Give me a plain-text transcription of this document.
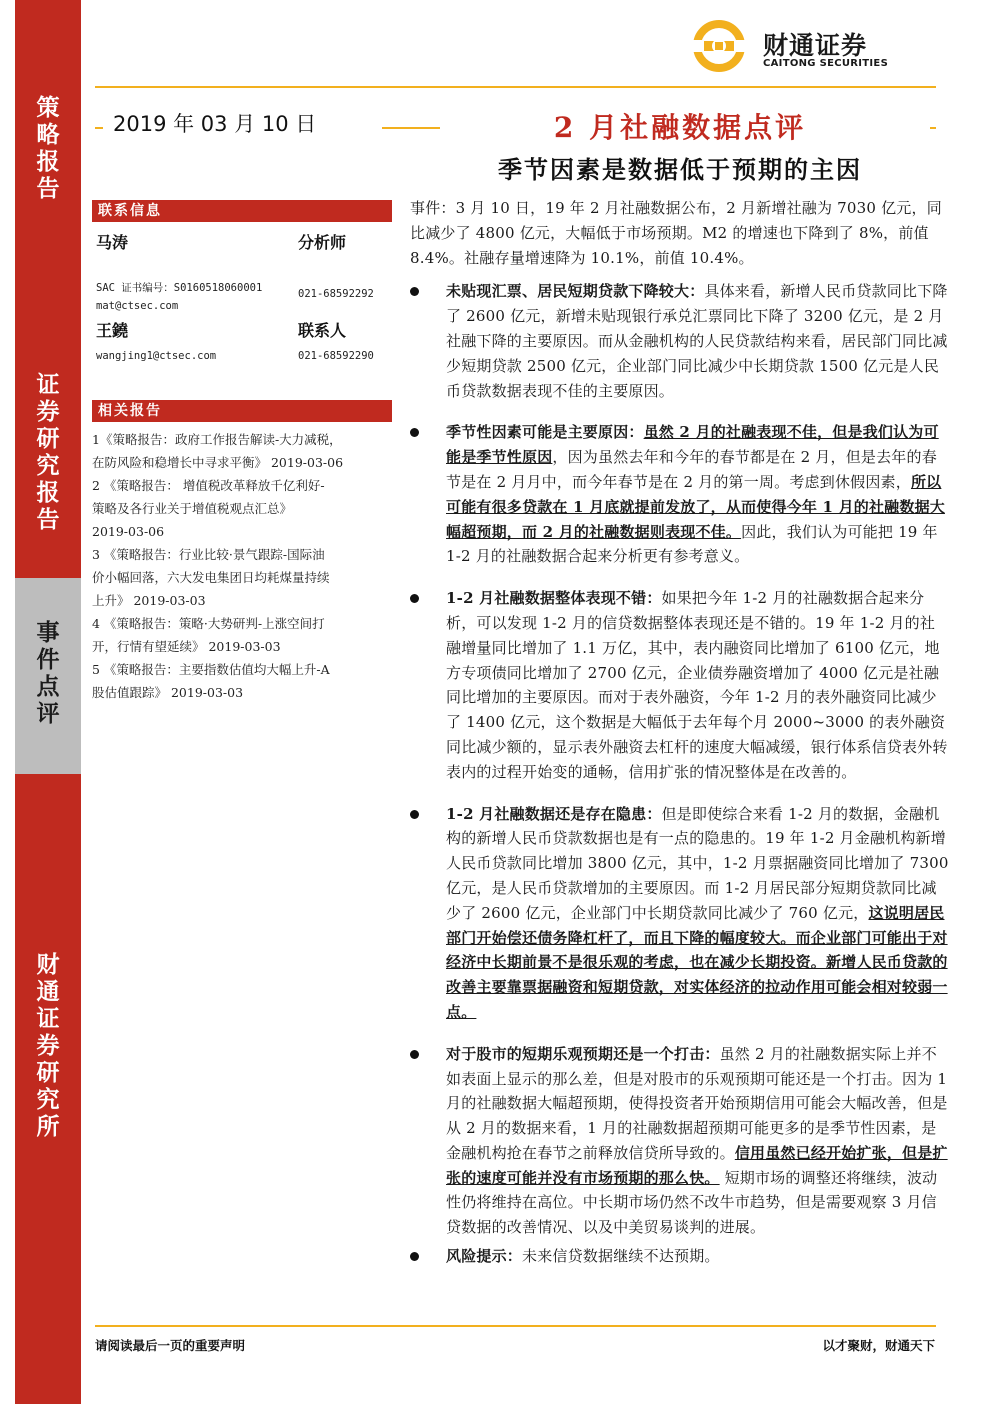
策
略
报
告
证
券
研
究
报
告
事
件
点
评
财
通
证
券
研
究
所
财通证券
CAITONG SECURITIES
2019 年 03 月 10 日	2 月社融数据点评
季节因素是数据低于预期的主因
联系信息
马涛	分析师
SAC 证书编号：S0160518060001	021-68592292
mat@ctsec.com
王鐃	联系人
wangjing1@ctsec.com	021-68592290
相关报告

1《策略报告：政府工作报告解读-大力减税，

在防风险和稳增长中寻求平衡》 2019-03-06

2 《策略报告： 增值税改革释放千亿利好-

策略及各行业关于增值税观点汇总》

2019-03-06

3 《策略报告：行业比较·景气跟踪-国际油

价小幅回落，六大发电集团日均耗煤量持续

上升》 2019-03-03

4 《策略报告：策略·大势研判-上涨空间打

开，行情有望延续》 2019-03-03

5 《策略报告：主要指数估值均大幅上升-A

股估值跟踪》 2019-03-03

事件：3 月 10 日，19 年 2 月社融数据公布，2 月新增社融为 7030 亿元，同比减少了 4800 亿元，大幅低于市场预期。M2 的增速也下降到了 8%，前值 8.4%。社融存量增速降为 10.1%，前值 10.4%。

未贴现汇票、居民短期贷款下降较大：具体来看，新增人民币贷款同比下降了 2600 亿元，新增未贴现银行承兑汇票同比下降了 3200 亿元，是 2 月社融下降的主要原因。而从金融机构的人民贷款结构来看，居民部门同比减少短期贷款 2500 亿元，企业部门同比减少中长期贷款 1500 亿元是人民币贷款数据表现不佳的主要原因。

季节性因素可能是主要原因：虽然 2 月的社融表现不佳，但是我们认为可能是季节性原因，因为虽然去年和今年的春节都是在 2 月，但是去年的春节是在 2 月月中，而今年春节是在 2 月的第一周。考虑到休假因素，所以可能有很多贷款在 1 月底就提前发放了，从而使得今年 1 月的社融数据大幅超预期，而 2 月的社融数据则表现不佳。因此，我们认为可能把 19 年 1-2 月的社融数据合起来分析更有参考意义。

1-2 月社融数据整体表现不错：如果把今年 1-2 月的社融数据合起来分析，可以发现 1-2 月的信贷数据整体表现还是不错的。19 年 1-2 月的社融增量同比增加了 1.1 万亿，其中，表内融资同比增加了 6100 亿元，地方专项债同比增加了 2700 亿元，企业债券融资增加了 4000 亿元是社融同比增加的主要原因。而对于表外融资，今年 1-2 月的表外融资同比减少了 1400 亿元，这个数据是大幅低于去年每个月 2000~3000 的表外融资同比减少额的，显示表外融资去杠杆的速度大幅减缓，银行体系信贷表外转表内的过程开始变的通畅，信用扩张的情况整体是在改善的。

1-2 月社融数据还是存在隐患：但是即使综合来看 1-2 月的数据，金融机构的新增人民币贷款数据也是有一点的隐患的。19 年 1-2 月金融机构新增人民币贷款同比增加 3800 亿元，其中，1-2 月票据融资同比增加了 7300 亿元，是人民币贷款增加的主要原因。而 1-2 月居民部分短期贷款同比减少了 2600 亿元，企业部门中长期贷款同比减少了 760 亿元，这说明居民部门开始偿还债务降杠杆了，而且下降的幅度较大。而企业部门可能出于对经济中长期前景不是很乐观的考虑，也在减少长期投资。新增人民币贷款的改善主要靠票据融资和短期贷款，对实体经济的拉动作用可能会相对较弱一点。

对于股市的短期乐观预期还是一个打击：虽然 2 月的社融数据实际上并不如表面上显示的那么差，但是对股市的乐观预期可能还是一个打击。因为 1 月的社融数据大幅超预期，使得投资者开始预期信用可能会大幅改善，但是从 2 月的数据来看，1 月的社融数据超预期可能更多的是季节性因素，是金融机构抢在春节之前释放信贷所导致的。信用虽然已经开始扩张，但是扩张的速度可能并没有市场预期的那么快。 短期市场的调整还将继续，波动性仍将维持在高位。中长期市场仍然不改牛市趋势，但是需要观察 3 月信贷数据的改善情况、以及中美贸易谈判的进展。

风险提示：未来信贷数据继续不达预期。

请阅读最后一页的重要声明	以才聚财，财通天下
